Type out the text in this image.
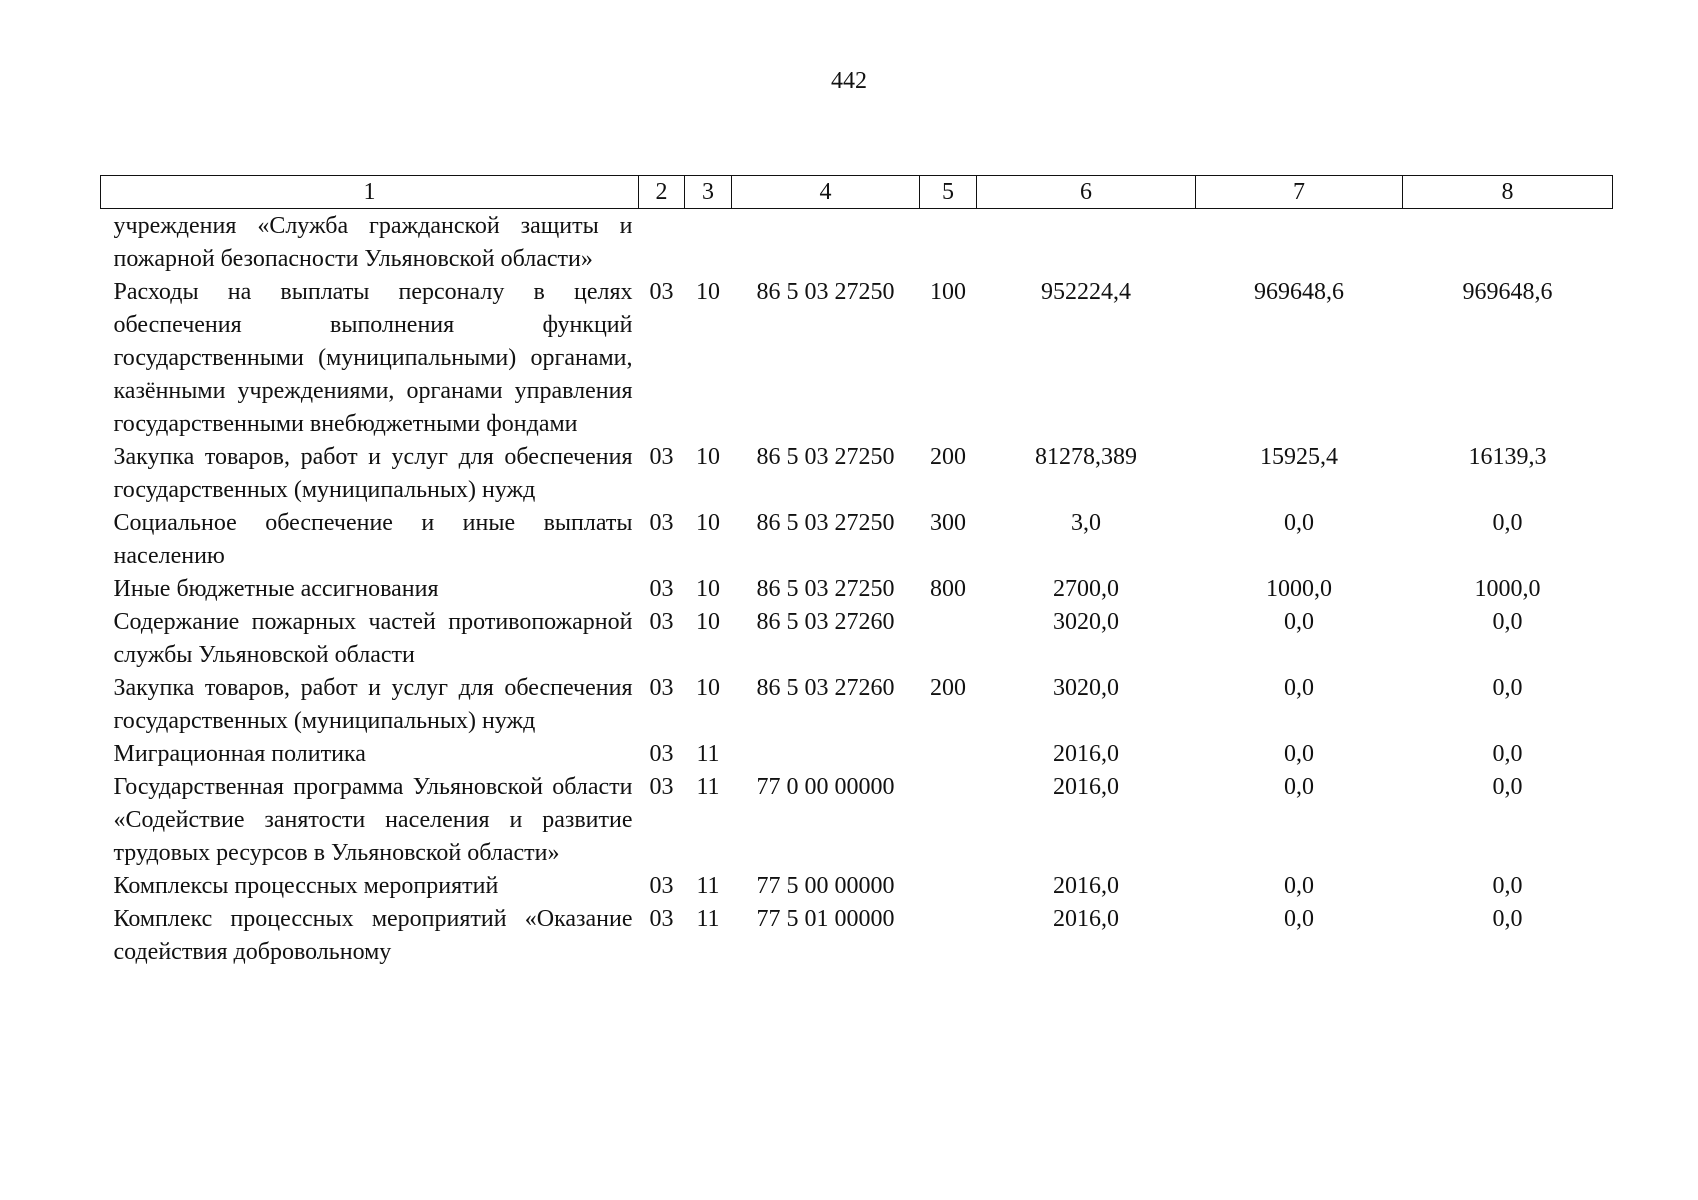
442
1	2	3	4	5	6	7	8
учреждения «Служба гражданской защиты и пожарной безопасности Ульяновской области»							
Расходы на выплаты персоналу в целях обеспечения выполнения функций государственными (муниципальными) органами, казёнными учреждениями, органами управления государственными внебюджетными фондами	03	10	86 5 03 27250	100	952224,4	969648,6	969648,6
Закупка товаров, работ и услуг для обеспечения государственных (муниципальных) нужд	03	10	86 5 03 27250	200	81278,389	15925,4	16139,3
Социальное обеспечение и иные выплаты населению	03	10	86 5 03 27250	300	3,0	0,0	0,0
Иные бюджетные ассигнования	03	10	86 5 03 27250	800	2700,0	1000,0	1000,0
Содержание пожарных частей противопожарной службы Ульяновской области	03	10	86 5 03 27260		3020,0	0,0	0,0
Закупка товаров, работ и услуг для обеспечения государственных (муниципальных) нужд	03	10	86 5 03 27260	200	3020,0	0,0	0,0
Миграционная политика	03	11			2016,0	0,0	0,0
Государственная программа Ульяновской области «Содействие занятости населения и развитие трудовых ресурсов в Ульяновской области»	03	11	77 0 00 00000		2016,0	0,0	0,0
Комплексы процессных мероприятий	03	11	77 5 00 00000		2016,0	0,0	0,0
Комплекс процессных мероприятий «Оказание содействия добровольному	03	11	77 5 01 00000		2016,0	0,0	0,0
